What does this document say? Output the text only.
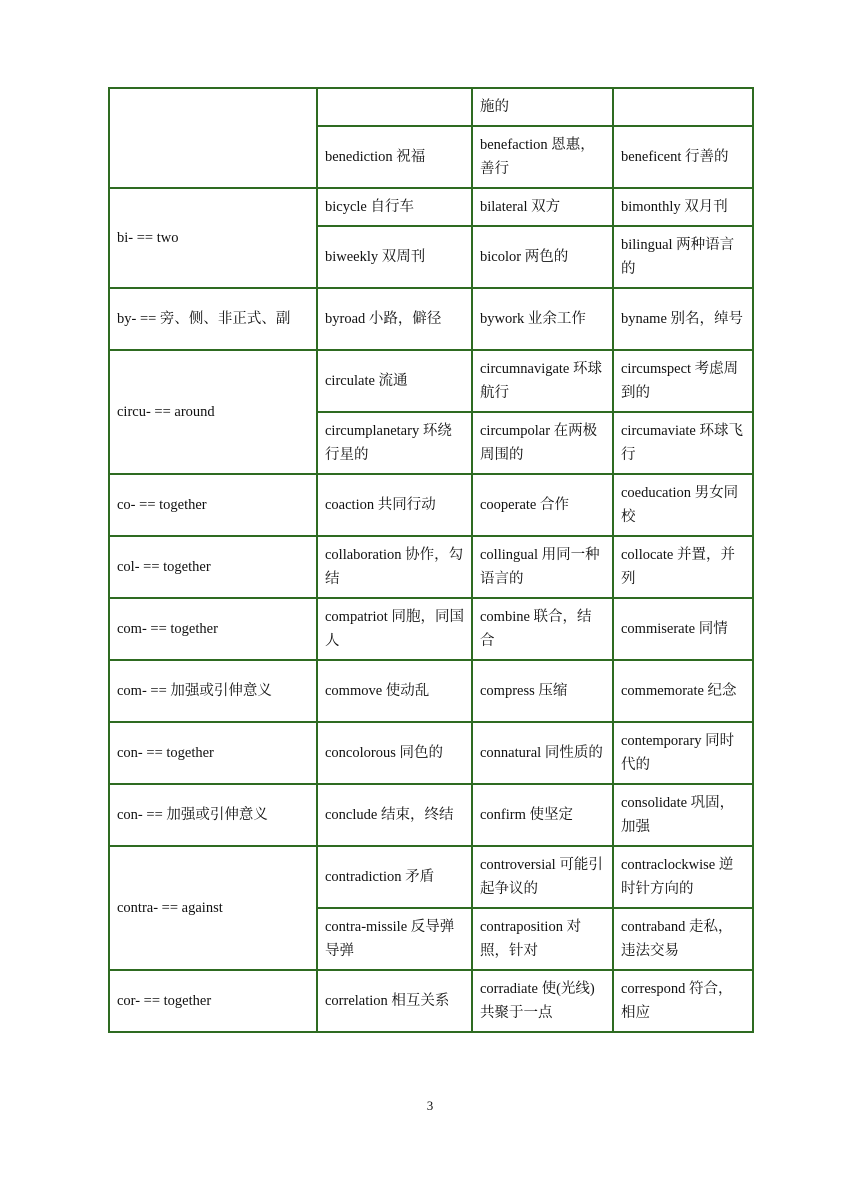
		施的	
	benediction 祝福	benefaction 恩惠，善行	beneficent 行善的
bi- == two	bicycle 自行车	bilateral 双方	bimonthly 双月刊
	biweekly 双周刊	bicolor 两色的	bilingual 两种语言的
by- == 旁、侧、非正式、副	byroad 小路，僻径	bywork 业余工作	byname 别名，绰号
circu- == around	circulate 流通	circumnavigate 环球航行	circumspect 考虑周到的
	circumplanetary 环绕行星的	circumpolar 在两极周围的	circumaviate 环球飞行
co- == together	coaction 共同行动	cooperate 合作	coeducation 男女同校
col- == together	collaboration 协作，勾结	collingual 用同一种语言的	collocate 并置，并列
com- == together	compatriot 同胞，同国人	combine 联合，结合	commiserate 同情
com- == 加强或引伸意义	commove 使动乱	compress 压缩	commemorate 纪念
con- == together	concolorous 同色的	connatural 同性质的	contemporary 同时代的
con- == 加强或引伸意义	conclude 结束，终结	confirm 使坚定	consolidate 巩固，加强
contra- == against	contradiction 矛盾	controversial 可能引起争议的	contraclockwise 逆时针方向的
	contra-missile 反导弹导弹	contraposition 对照，针对	contraband 走私，违法交易
cor- == together	correlation 相互关系	corradiate 使(光线)共聚于一点	correspond 符合，相应
3
